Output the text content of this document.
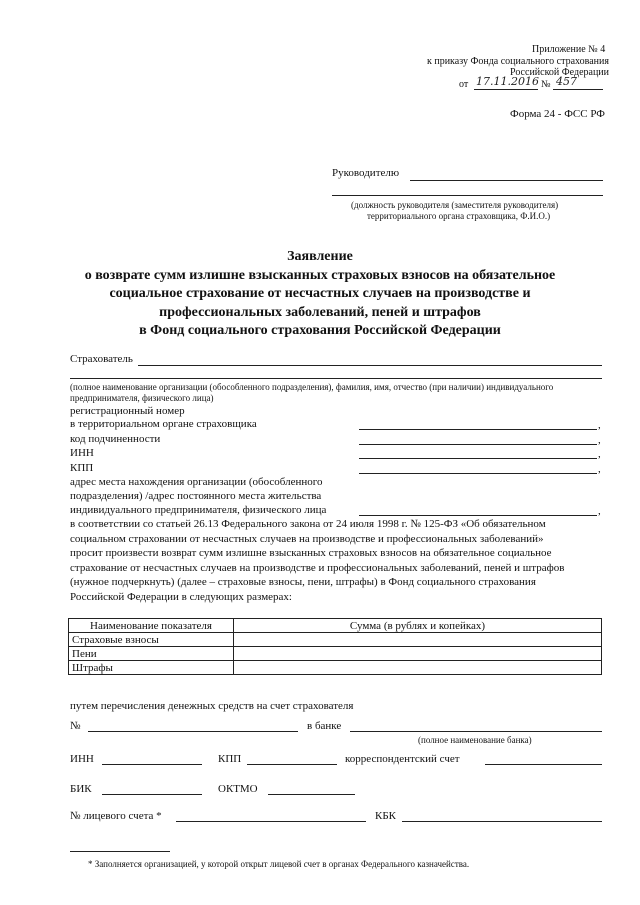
Приложение № 4
к приказу Фонда социального страхования
Российской Федерации
от 17.11.2016 № 457
Форма 24 - ФСС РФ
Руководителю
(должность руководителя (заместителя руководителя)
территориального органа страховщика, Ф.И.О.)
Заявление
о возврате сумм излишне взысканных страховых взносов на обязательное
социальное страхование от несчастных случаев на производстве и
профессиональных заболеваний, пеней и штрафов
в Фонд социального страхования Российской Федерации
Страхователь
(полное наименование организации (обособленного подразделения), фамилия, имя, отчество (при наличии) индивидуального предпринимателя, физического лица)
регистрационный номер
в территориальном органе страховщика	,
код подчиненности	,
ИНН	,
КПП	,
адрес места нахождения организации (обособленного
подразделения) /адрес постоянного места жительства
индивидуального предпринимателя, физического лица	,
в соответствии со статьей 26.13 Федерального закона от 24 июля 1998 г. № 125-ФЗ «Об обязательном
социальном страховании от несчастных случаев на производстве и профессиональных заболеваний»
просит произвести возврат сумм излишне взысканных страховых взносов на обязательное социальное
страхование от несчастных случаев на производстве и профессиональных заболеваний, пеней и штрафов
(нужное подчеркнуть) (далее – страховые взносы, пени, штрафы) в Фонд социального страхования
Российской Федерации в следующих размерах:
Наименование показателя	Сумма (в рублях и копейках)
Страховые взносы	
Пени	
Штрафы	
путем перечисления денежных средств на счет страхователя
№	в банке
(полное наименование банка)
ИНН	КПП	корреспондентский счет
БИК	ОКТМО
№ лицевого счета *	КБК
* Заполняется организацией, у которой открыт лицевой счет в органах Федерального казначейства.
